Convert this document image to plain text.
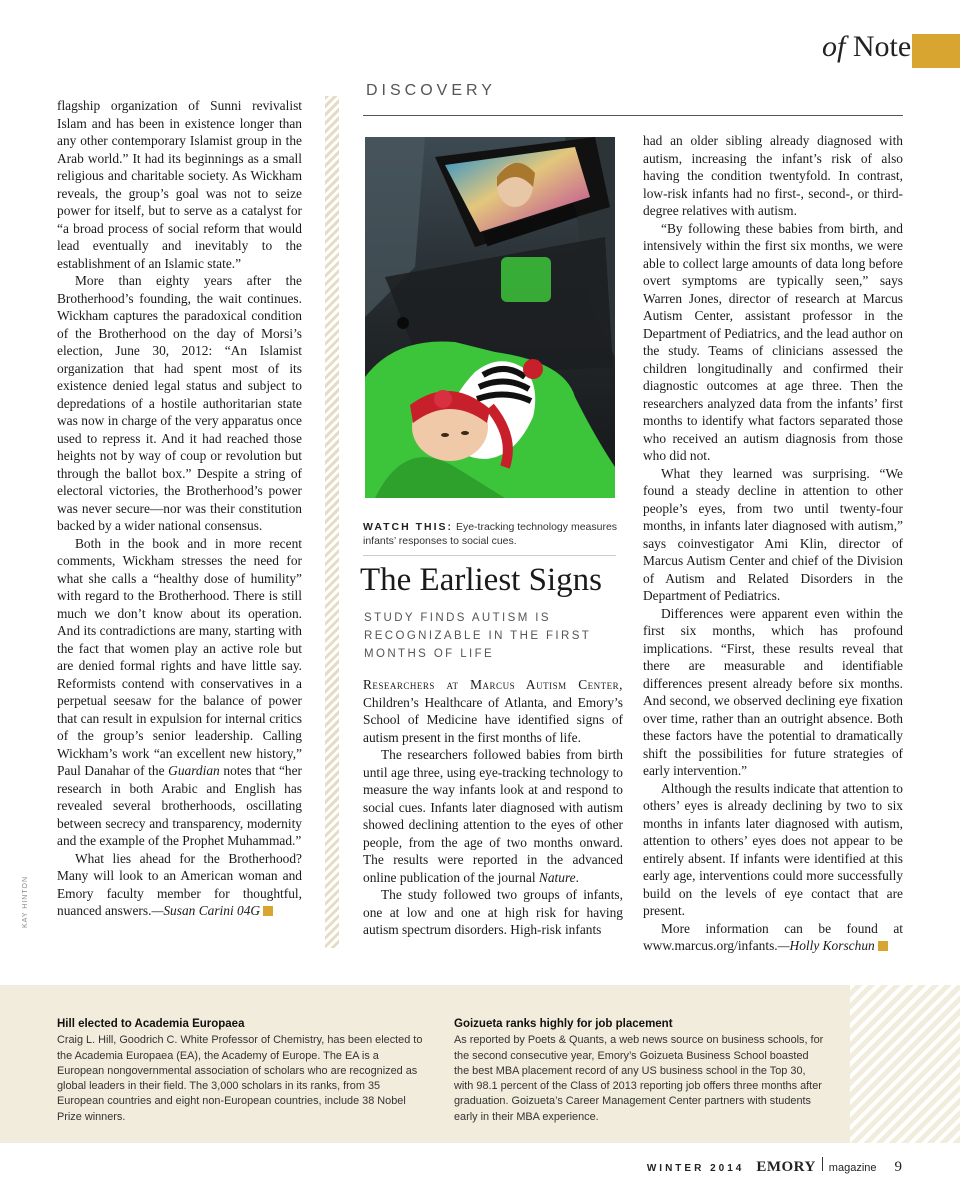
of Note
DISCOVERY

flagship organization of Sunni revivalist Islam and has been in existence longer than any other contemporary Islamist group in the Arab world.” It had its beginnings as a small religious and charitable society. As Wickham reveals, the group’s goal was not to seize power for itself, but to serve as a catalyst for “a broad process of social reform that would lead eventually and inevitably to the establishment of an Islamic state.”

More than eighty years after the Brotherhood’s founding, the wait continues. Wickham captures the paradoxical condition of the Brotherhood on the day of Morsi’s election, June 30, 2012: “An Islamist organization that had spent most of its existence denied legal status and subject to depredations of a hostile authoritarian state was now in charge of the very apparatus once used to repress it. And it had reached those heights not by way of coup or revolution but through the ballot box.” Despite a string of electoral victories, the Brotherhood’s power was never secure—nor was their constitution backed by a wider national consensus.

Both in the book and in more recent comments, Wickham stresses the need for what she calls a “healthy dose of humility” with regard to the Brotherhood. There is still much we don’t know about its operation. And its contradictions are many, starting with the fact that women play an active role but are denied formal rights and have little say. Reformists contend with conservatives in a perpetual seesaw for the balance of power that can result in expulsion for internal critics of the group’s senior leadership. Calling Wickham’s work “an excellent new history,” Paul Danahar of the Guardian notes that “her research in both Arabic and English has revealed several brotherhoods, oscillating between secrecy and transparency, modernity and the example of the Prophet Muhammad.”

What lies ahead for the Brotherhood? Many will look to an American woman and Emory faculty member for thoughtful, nuanced answers.—Susan Carini 04G

KAY HINTON
WATCH THIS: Eye-tracking technology measures infants’ responses to social cues.
The Earliest Signs
STUDY FINDS AUTISM IS RECOGNIZABLE IN THE FIRST MONTHS OF LIFE

Researchers at Marcus Autism Center, Children’s Healthcare of Atlanta, and Emory’s School of Medicine have identified signs of autism present in the first months of life.

The researchers followed babies from birth until age three, using eye-tracking technology to measure the way infants look at and respond to social cues. Infants later diagnosed with autism showed declining attention to the eyes of other people, from the age of two months onward. The results were reported in the advanced online publication of the journal Nature.

The study followed two groups of infants, one at low and one at high risk for having autism spectrum disorders. High-risk infants

had an older sibling already diagnosed with autism, increasing the infant’s risk of also having the condition twentyfold. In contrast, low-risk infants had no first-, second-, or third-degree relatives with autism.

“By following these babies from birth, and intensively within the first six months, we were able to collect large amounts of data long before overt symptoms are typically seen,” says Warren Jones, director of research at Marcus Autism Center, assistant professor in the Department of Pediatrics, and the lead author on the study. Teams of clinicians assessed the children longitudinally and confirmed their diagnostic outcomes at age three. Then the researchers analyzed data from the infants’ first months to identify what factors separated those who received an autism diagnosis from those who did not.

What they learned was surprising. “We found a steady decline in attention to other people’s eyes, from two until twenty-four months, in infants later diagnosed with autism,” says coinvestigator Ami Klin, director of Marcus Autism Center and chief of the Division of Autism and Related Disorders in the Department of Pediatrics.

Differences were apparent even within the first six months, which has profound implications. “First, these results reveal that there are measurable and identifiable differences present already before six months. And second, we observed declining eye fixation over time, rather than an outright absence. Both these factors have the potential to dramatically shift the possibilities for future strategies of early intervention.”

Although the results indicate that attention to others’ eyes is already declining by two to six months in infants later diagnosed with autism, attention to others’ eyes does not appear to be entirely absent. If infants were identified at this early age, interventions could more successfully build on the levels of eye contact that are present.

More information can be found at www.marcus.org/infants.—Holly Korschun

Hill elected to Academia Europaea
Craig L. Hill, Goodrich C. White Professor of Chemistry, has been elected to the Academia Europaea (EA), the Academy of Europe. The EA is a European nongovernmental association of scholars who are recognized as global leaders in their field. The 3,000 scholars in its ranks, from 35 European countries and eight non-European countries, include 38 Nobel Prize winners.
Goizueta ranks highly for job placement
As reported by Poets & Quants, a web news source on business schools, for the second consecutive year, Emory’s Goizueta Business School boasted the best MBA placement record of any US business school in the Top 30, with 98.1 percent of the Class of 2013 reporting job offers three months after graduation. Goizueta’s Career Management Center partners with students early in their MBA experience.
WINTER 2014 EMORY magazine 9
